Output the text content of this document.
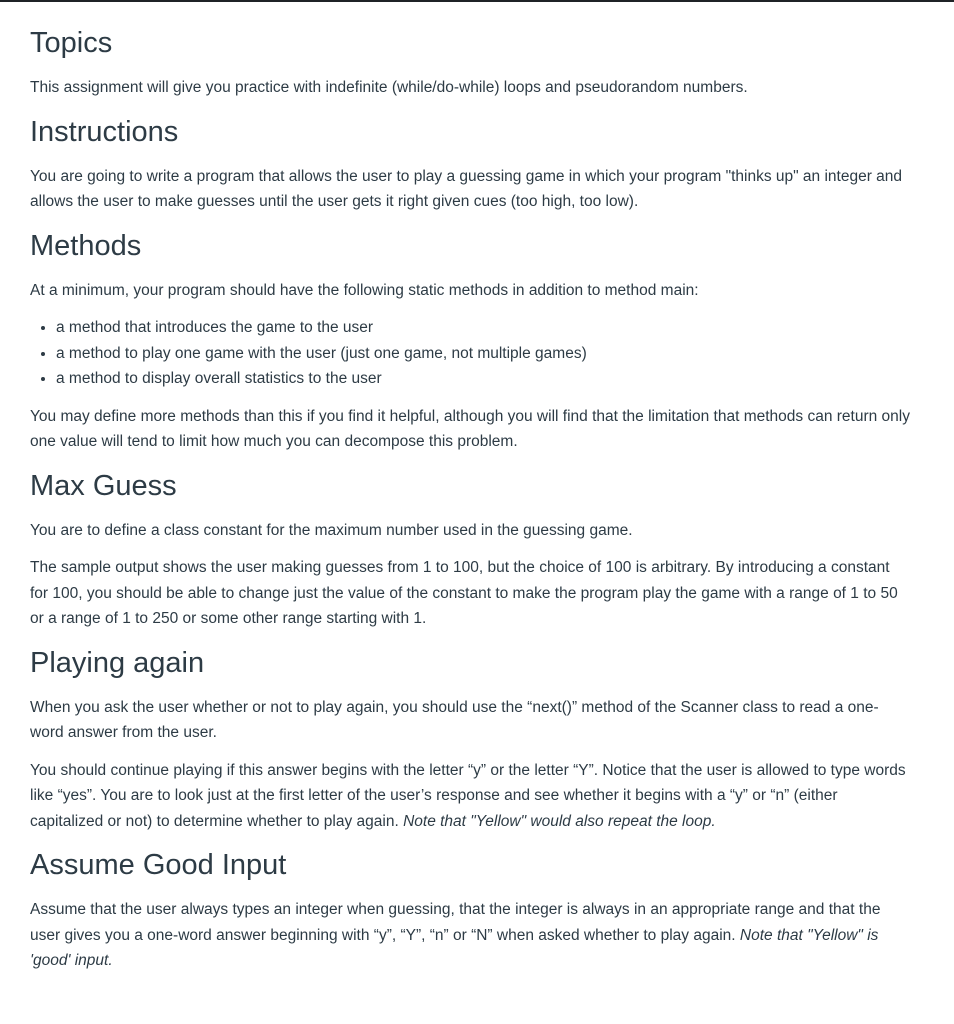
Topics

This assignment will give you practice with indefinite (while/do-while) loops and pseudorandom numbers.

Instructions

You are going to write a program that allows the user to play a guessing game in which your program "thinks up" an integer and allows the user to make guesses until the user gets it right given cues (too high, too low).

Methods

At a minimum, your program should have the following static methods in addition to method main:

• a method that introduces the game to the user
• a method to play one game with the user (just one game, not multiple games)
• a method to display overall statistics to the user

You may define more methods than this if you find it helpful, although you will find that the limitation that methods can return only one value will tend to limit how much you can decompose this problem.

Max Guess

You are to define a class constant for the maximum number used in the guessing game.

The sample output shows the user making guesses from 1 to 100, but the choice of 100 is arbitrary. By introducing a constant for 100, you should be able to change just the value of the constant to make the program play the game with a range of 1 to 50 or a range of 1 to 250 or some other range starting with 1.

Playing again

When you ask the user whether or not to play again, you should use the “next()” method of the Scanner class to read a one-word answer from the user.

You should continue playing if this answer begins with the letter “y” or the letter “Y”. Notice that the user is allowed to type words like “yes”. You are to look just at the first letter of the user’s response and see whether it begins with a “y” or “n” (either capitalized or not) to determine whether to play again. Note that "Yellow" would also repeat the loop.

Assume Good Input

Assume that the user always types an integer when guessing, that the integer is always in an appropriate range and that the user gives you a one-word answer beginning with “y”, “Y”, “n” or “N” when asked whether to play again. Note that "Yellow" is 'good' input.
